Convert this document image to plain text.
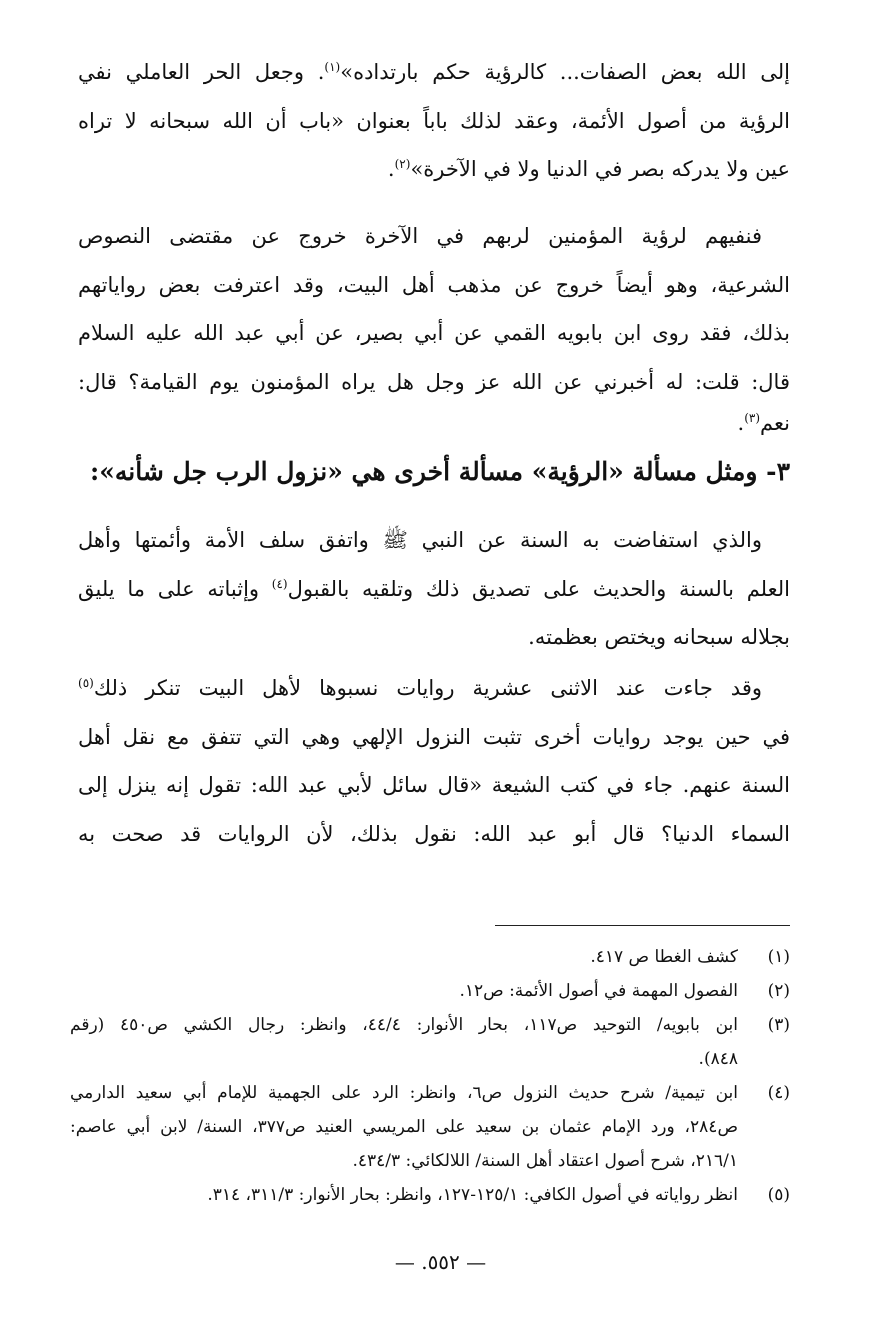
إلى الله بعض الصفات... كالرؤية حكم بارتداده»$^{(١)}$. وجعل الحر العاملي نفي
الرؤية من أصول الأئمة، وعقد لذلك باباً بعنوان «باب أن الله سبحانه لا تراه
عين ولا يدركه بصر في الدنيا ولا في الآخرة»$^{(٢)}$.
فنفيهم لرؤية المؤمنين لربهم في الآخرة خروج عن مقتضى النصوص
الشرعية، وهو أيضاً خروج عن مذهب أهل البيت، وقد اعترفت بعض رواياتهم
بذلك، فقد روى ابن بابويه القمي عن أبي بصير، عن أبي عبد الله عليه السلام
قال: قلت: له أخبرني عن الله عز وجل هل يراه المؤمنون يوم القيامة؟ قال:
نعم$^{(٣)}$.
٣- ومثل مسألة «الرؤية» مسألة أخرى هي «نزول الرب جل شأنه»:
والذي استفاضت به السنة عن النبي ﷺ واتفق سلف الأمة وأئمتها وأهل
العلم بالسنة والحديث على تصديق ذلك وتلقيه بالقبول$^{(٤)}$ وإثباته على ما يليق
بجلاله سبحانه ويختص بعظمته.
وقد جاءت عند الاثنى عشرية روايات نسبوها لأهل البيت تنكر ذلك$^{(٥)}$
في حين يوجد روايات أخرى تثبت النزول الإلهي وهي التي تتفق مع نقل أهل
السنة عنهم. جاء في كتب الشيعة «قال سائل لأبي عبد الله: تقول إنه ينزل إلى
السماء الدنيا؟ قال أبو عبد الله: نقول بذلك، لأن الروايات قد صحت به
(١)
كشف الغطا ص ٤١٧.
(٢)
الفصول المهمة في أصول الأئمة: ص١٢.
(٣)
ابن بابويه/ التوحيد ص١١٧، بحار الأنوار: ٤٤/٤، وانظر: رجال الكشي ص٤٥٠ (رقم
٨٤٨).
(٤)
ابن تيمية/ شرح حديث النزول ص٦، وانظر: الرد على الجهمية للإمام أبي سعيد الدارمي
ص٢٨٤، ورد الإمام عثمان بن سعيد على المريسي العنيد ص٣٧٧، السنة/ لابن أبي عاصم:
٢١٦/١، شرح أصول اعتقاد أهل السنة/ اللالكائي: ٤٣٤/٣.
(٥)
انظر رواياته في أصول الكافي: ١٢٥/١-١٢٧، وانظر: بحار الأنوار: ٣١١/٣، ٣١٤.
— ٥٥٢. —
